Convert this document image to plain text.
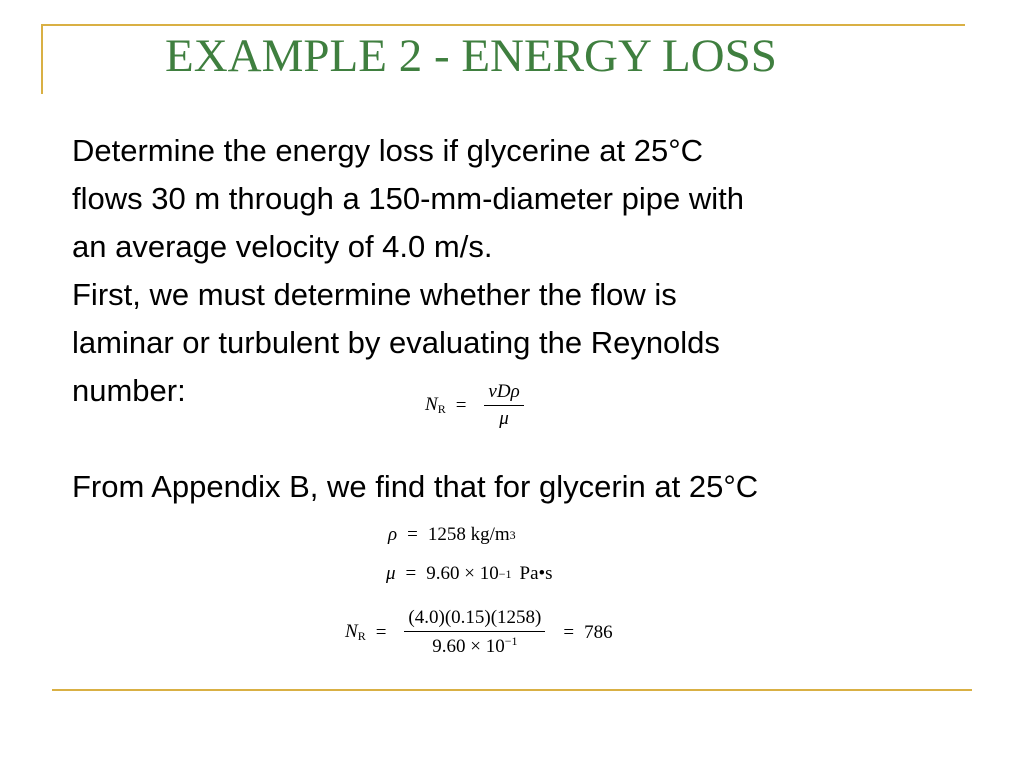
EXAMPLE 2 - ENERGY LOSS
Determine the energy loss if glycerine at 25°C
flows 30 m through a 150-mm-diameter pipe with
an average velocity of 4.0 m/s.
First, we must determine whether the flow is
laminar or turbulent by evaluating the Reynolds
number:
From Appendix B, we find that for glycerin at 25°C
$N_R = \frac{\text{vDρ}}{\mu}$
ρ = 1258 kg/m 3
μ = 9.60 × 10 −1 Pa•s
$N_R = \frac{(4.0)(0.15)(1258)}{9.60 \times 10^{-1}} = 786$
